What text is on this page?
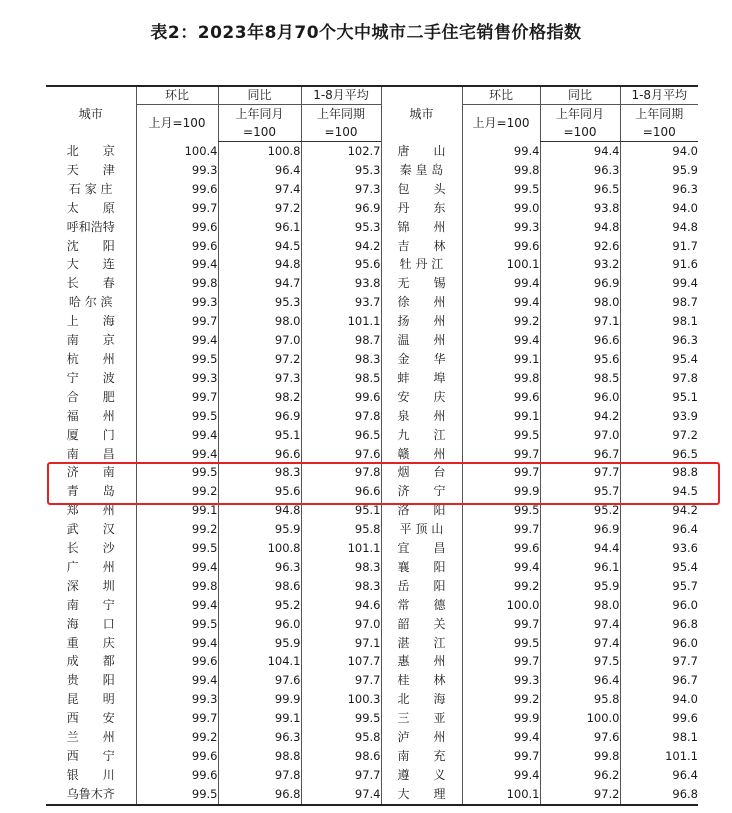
表2：2023年8月70个大中城市二手住宅销售价格指数
城市	环比	同比	1-8月平均	城市	环比	同比	1-8月平均
	上月=100	上年同月	上年同期		上月=100	上年同月	上年同期
		=100	=100			=100	=100
北　　京	100.4	100.8	102.7	唐　　山	99.4	94.4	94.0
天　　津	99.3	96.4	95.3	秦 皇 岛	99.8	96.3	95.9
石 家 庄	99.6	97.4	97.3	包　　头	99.5	96.5	96.3
太　　原	99.7	97.2	96.9	丹　　东	99.0	93.8	94.0
呼和浩特	99.6	96.1	95.3	锦　　州	99.3	94.8	94.8
沈　　阳	99.6	94.5	94.2	吉　　林	99.6	92.6	91.7
大　　连	99.4	94.8	95.6	牡 丹 江	100.1	93.2	91.6
长　　春	99.8	94.7	93.8	无　　锡	99.4	96.9	99.4
哈 尔 滨	99.3	95.3	93.7	徐　　州	99.4	98.0	98.7
上　　海	99.7	98.0	101.1	扬　　州	99.2	97.1	98.1
南　　京	99.4	97.0	98.7	温　　州	99.4	96.6	96.3
杭　　州	99.5	97.2	98.3	金　　华	99.1	95.6	95.4
宁　　波	99.3	97.3	98.5	蚌　　埠	99.8	98.5	97.8
合　　肥	99.7	98.2	99.6	安　　庆	99.6	96.0	95.1
福　　州	99.5	96.9	97.8	泉　　州	99.1	94.2	93.9
厦　　门	99.4	95.1	96.5	九　　江	99.5	97.0	97.2
南　　昌	99.4	96.6	97.6	赣　　州	99.7	96.7	96.5
济　　南	99.5	98.3	97.8	烟　　台	99.7	97.7	98.8
青　　岛	99.2	95.6	96.6	济　　宁	99.9	95.7	94.5
郑　　州	99.1	94.8	95.1	洛　　阳	99.5	95.2	94.2
武　　汉	99.2	95.9	95.8	平 顶 山	99.7	96.9	96.4
长　　沙	99.5	100.8	101.1	宜　　昌	99.6	94.4	93.6
广　　州	99.4	96.3	98.3	襄　　阳	99.4	96.1	95.4
深　　圳	99.8	98.6	98.3	岳　　阳	99.2	95.9	95.7
南　　宁	99.4	95.2	94.6	常　　德	100.0	98.0	96.0
海　　口	99.5	96.0	97.0	韶　　关	99.7	97.4	96.8
重　　庆	99.4	95.9	97.1	湛　　江	99.5	97.4	96.0
成　　都	99.6	104.1	107.7	惠　　州	99.7	97.5	97.7
贵　　阳	99.4	97.6	97.7	桂　　林	99.3	96.4	96.7
昆　　明	99.3	99.9	100.3	北　　海	99.2	95.8	94.0
西　　安	99.7	99.1	99.5	三　　亚	99.9	100.0	99.6
兰　　州	99.2	96.3	95.8	泸　　州	99.4	97.6	98.1
西　　宁	99.6	98.8	98.6	南　　充	99.7	99.8	101.1
银　　川	99.6	97.8	97.7	遵　　义	99.4	96.2	96.4
乌鲁木齐	99.5	96.8	97.4	大　　理	100.1	97.2	96.8
